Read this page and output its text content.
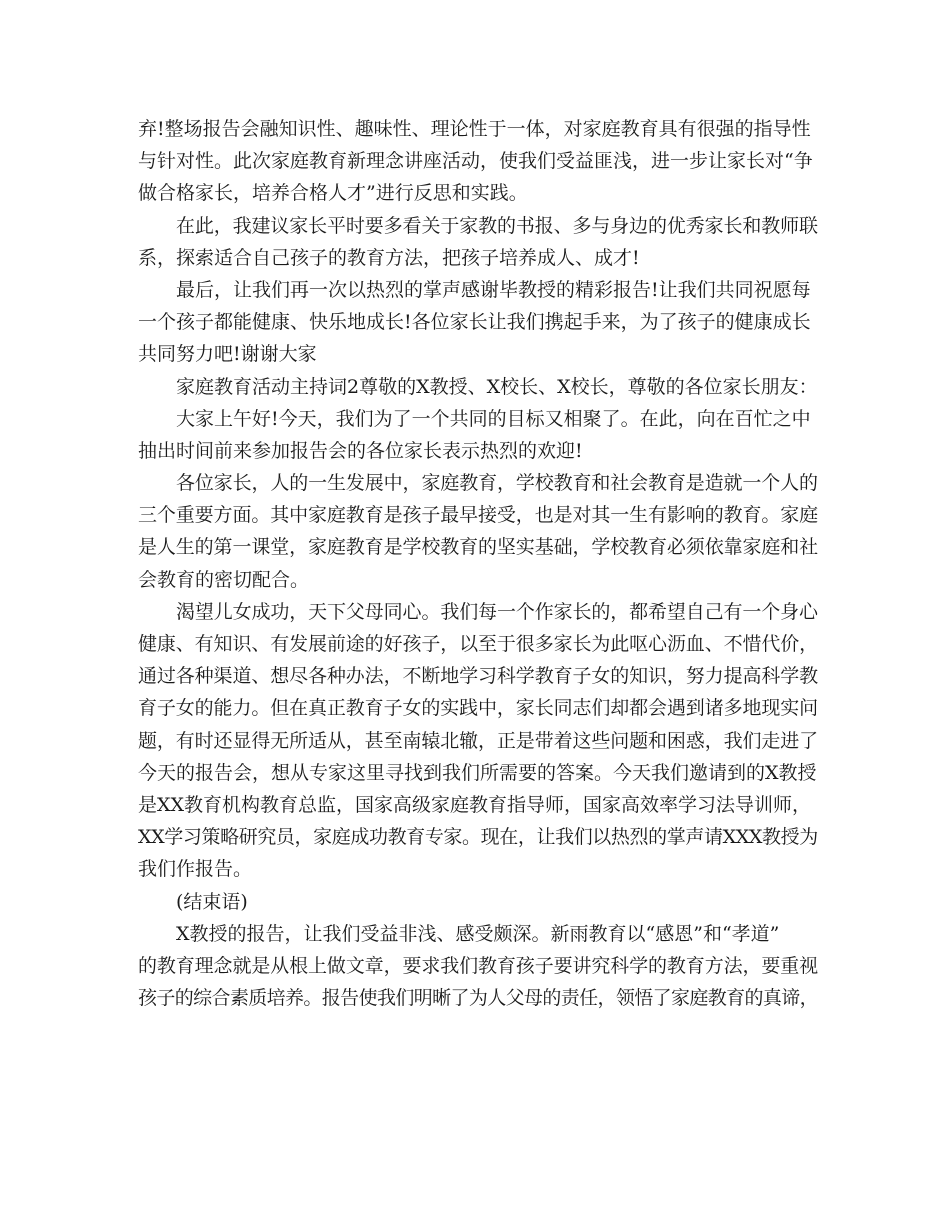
弃!整场报告会融知识性、趣味性、理论性于一体，对家庭教育具有很强的指导性
与针对性。此次家庭教育新理念讲座活动，使我们受益匪浅，进一步让家长对“争
做合格家长，培养合格人才”进行反思和实践。
在此，我建议家长平时要多看关于家教的书报、多与身边的优秀家长和教师联
系，探索适合自己孩子的教育方法，把孩子培养成人、成才!
最后，让我们再一次以热烈的掌声感谢毕教授的精彩报告!让我们共同祝愿每
一个孩子都能健康、快乐地成长!各位家长让我们携起手来，为了孩子的健康成长
共同努力吧!谢谢大家
家庭教育活动主持词2尊敬的X教授、X校长、X校长，尊敬的各位家长朋友：
大家上午好!今天，我们为了一个共同的目标又相聚了。在此，向在百忙之中
抽出时间前来参加报告会的各位家长表示热烈的欢迎!
各位家长，人的一生发展中，家庭教育，学校教育和社会教育是造就一个人的
三个重要方面。其中家庭教育是孩子最早接受，也是对其一生有影响的教育。家庭
是人生的第一课堂，家庭教育是学校教育的坚实基础，学校教育必须依靠家庭和社
会教育的密切配合。
渴望儿女成功，天下父母同心。我们每一个作家长的，都希望自己有一个身心
健康、有知识、有发展前途的好孩子，以至于很多家长为此呕心沥血、不惜代价，
通过各种渠道、想尽各种办法，不断地学习科学教育子女的知识，努力提高科学教
育子女的能力。但在真正教育子女的实践中，家长同志们却都会遇到诸多地现实问
题，有时还显得无所适从，甚至南辕北辙，正是带着这些问题和困惑，我们走进了
今天的报告会，想从专家这里寻找到我们所需要的答案。今天我们邀请到的X教授
是XX教育机构教育总监，国家高级家庭教育指导师，国家高效率学习法导训师，
XX学习策略研究员，家庭成功教育专家。现在，让我们以热烈的掌声请XXX教授为
我们作报告。
(结束语)
X教授的报告，让我们受益非浅、感受颇深。新雨教育以“感恩”和“孝道”
的教育理念就是从根上做文章，要求我们教育孩子要讲究科学的教育方法，要重视
孩子的综合素质培养。报告使我们明晰了为人父母的责任，领悟了家庭教育的真谛，
